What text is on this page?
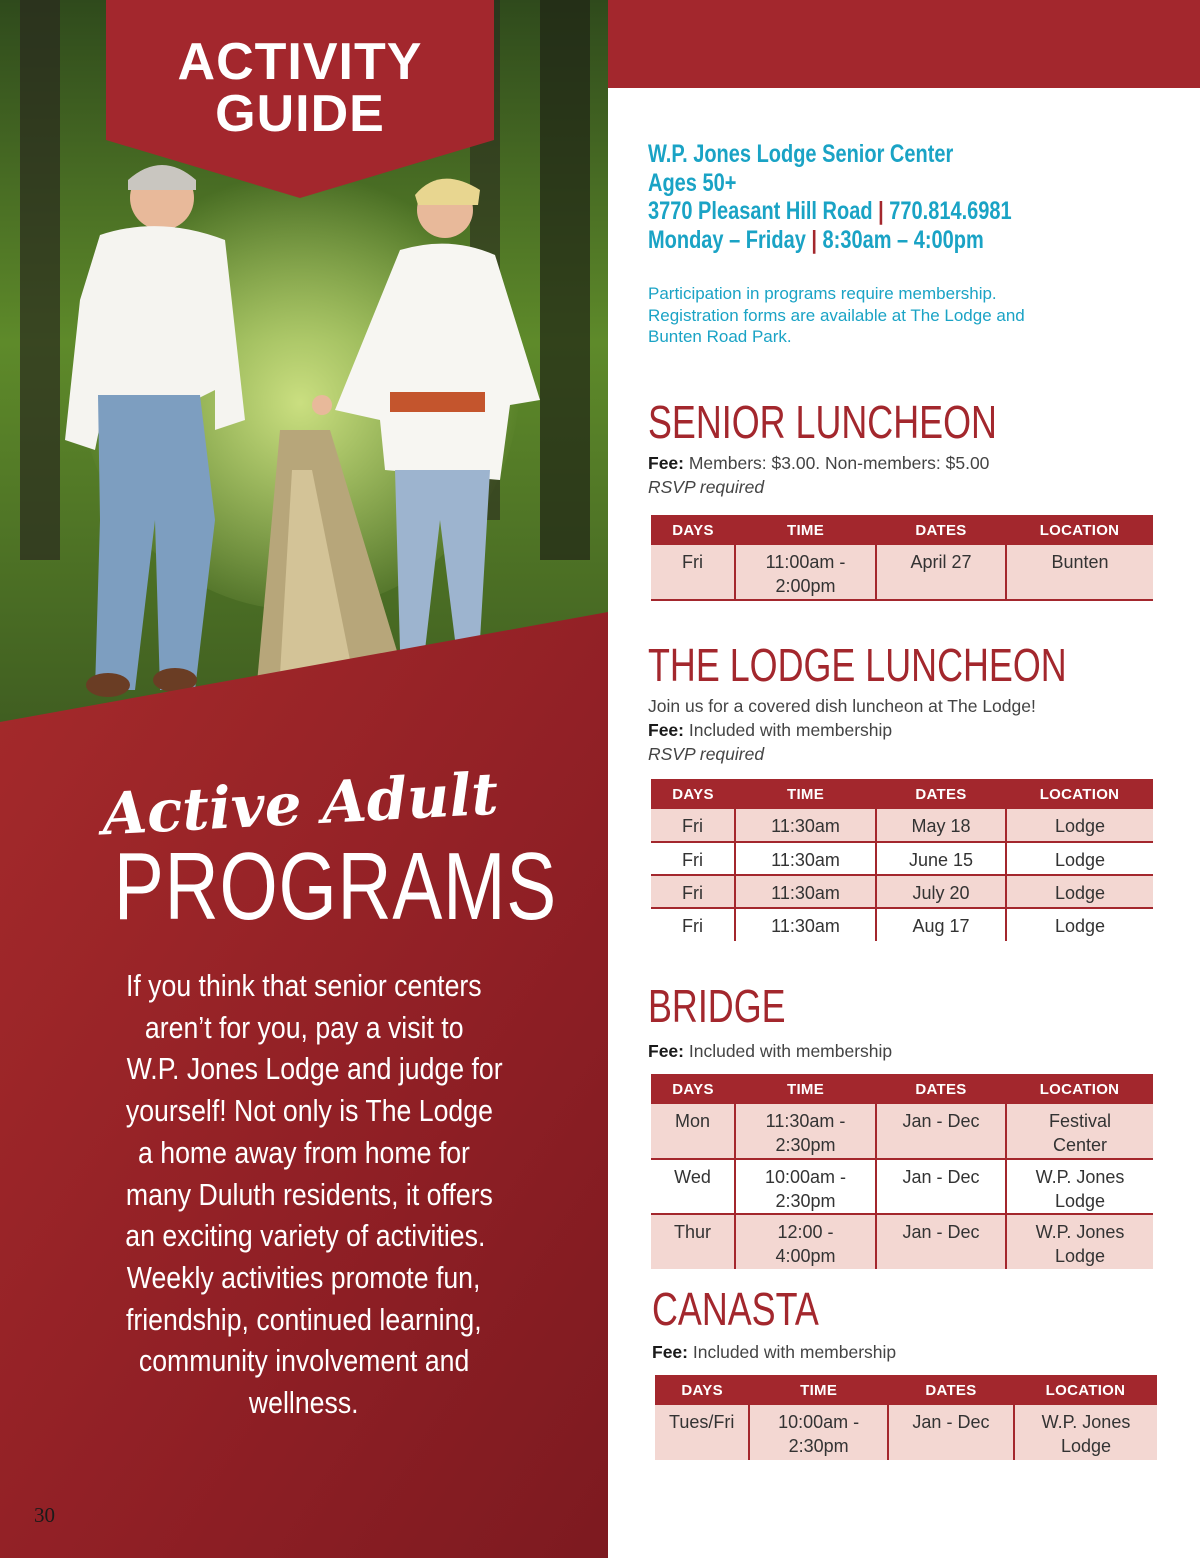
ACTIVITY
GUIDE
Active Adult
PROGRAMS
If you think that senior centers
aren’t for you, pay a visit to
W.P. Jones Lodge and judge for
yourself! Not only is The Lodge
a home away from home for
many Duluth residents, it offers
an exciting variety of activities.
Weekly activities promote fun,
friendship, continued learning,
community involvement and
wellness.
30
W.P. Jones Lodge Senior Center
Ages 50+
3770 Pleasant Hill Road | 770.814.6981
Monday – Friday | 8:30am – 4:00pm
Participation in programs require membership.
Registration forms are available at The Lodge and
Bunten Road Park.
SENIOR LUNCHEON
Fee: Members: $3.00. Non-members: $5.00
RSVP required
DAYS	TIME	DATES	LOCATION
Fri	11:00am - 2:00pm	April 27	Bunten
THE LODGE LUNCHEON
Join us for a covered dish luncheon at The Lodge!
Fee: Included with membership
RSVP required
DAYS	TIME	DATES	LOCATION
Fri	11:30am	May 18	Lodge
Fri	11:30am	June 15	Lodge
Fri	11:30am	July 20	Lodge
Fri	11:30am	Aug 17	Lodge
BRIDGE
Fee: Included with membership
DAYS	TIME	DATES	LOCATION
Mon	11:30am - 2:30pm	Jan - Dec	Festival Center
Wed	10:00am - 2:30pm	Jan - Dec	W.P. Jones Lodge
Thur	12:00 - 4:00pm	Jan - Dec	W.P. Jones Lodge
CANASTA
Fee: Included with membership
DAYS	TIME	DATES	LOCATION
Tues/Fri	10:00am - 2:30pm	Jan - Dec	W.P. Jones Lodge
